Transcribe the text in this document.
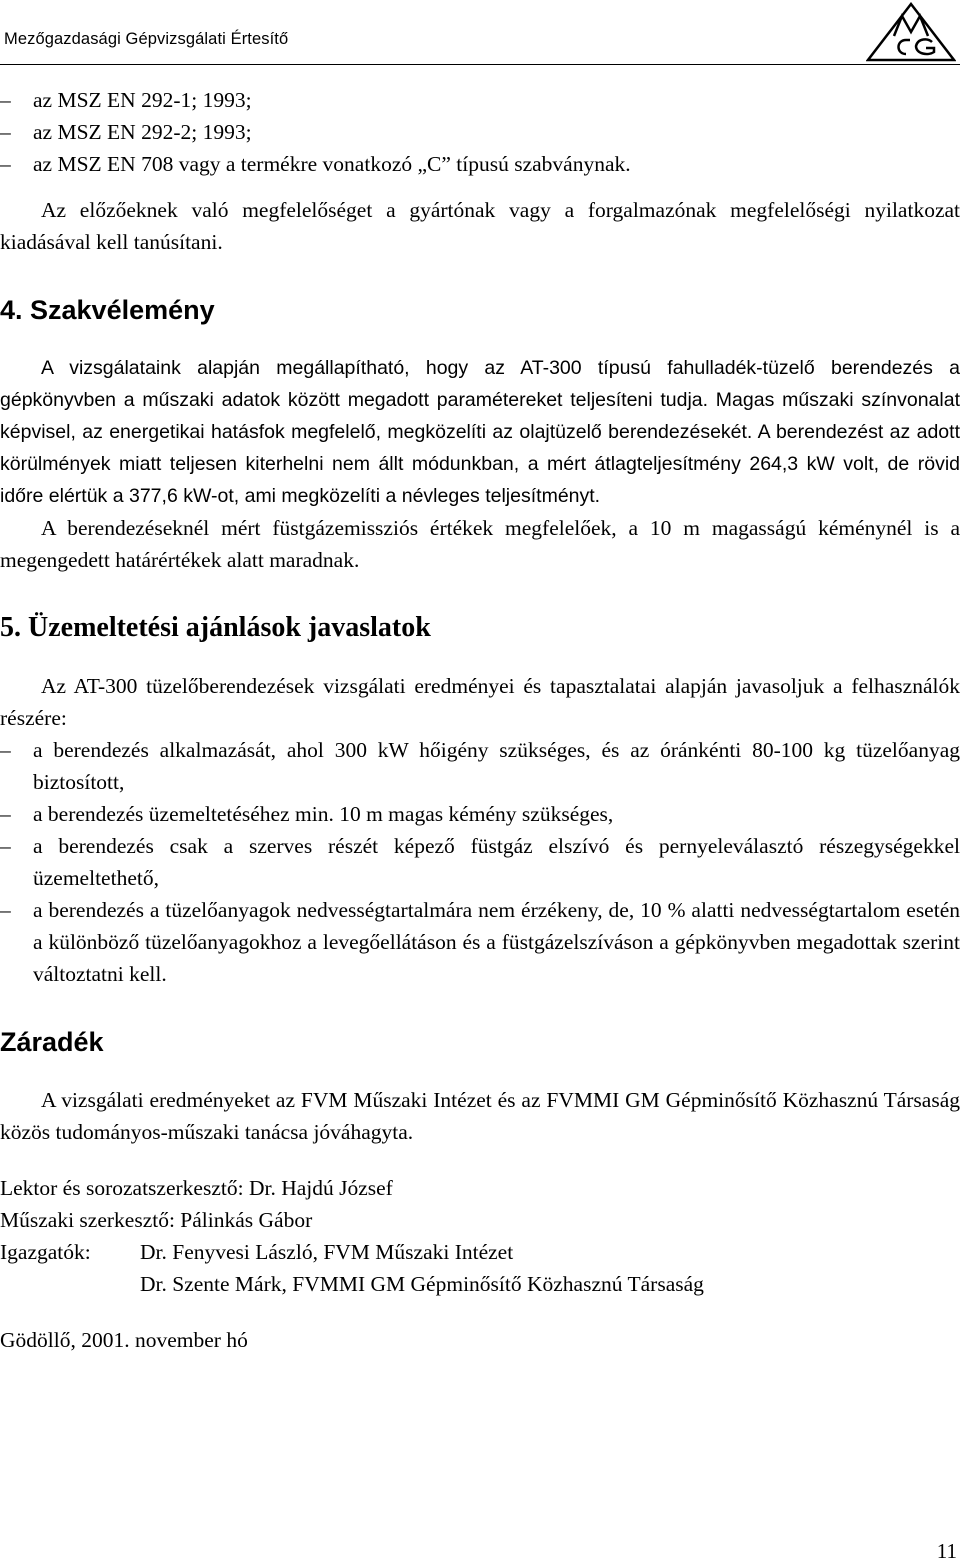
Mezőgazdasági Gépvizsgálati Értesítő
– az MSZ EN 292-1; 1993;
– az MSZ EN 292-2; 1993;
– az MSZ EN 708 vagy a termékre vonatkozó „C” típusú szabványnak.

Az előzőeknek való megfelelőséget a gyártónak vagy a forgalmazónak megfelelőségi nyilatkozat kiadásával kell tanúsítani.

4. Szakvélemény

A vizsgálataink alapján megállapítható, hogy az AT-300 típusú fahulladék-tüzelő berendezés a gépkönyvben a műszaki adatok között megadott paramétereket teljesíteni tudja. Magas műszaki színvonalat képvisel, az energetikai hatásfok megfelelő, megközelíti az olajtüzelő berendezésekét. A berendezést az adott körülmények miatt teljesen kiterhelni nem állt módunkban, a mért átlagteljesítmény 264,3 kW volt, de rövid időre elértük a 377,6 kW-ot, ami megközelíti a névleges teljesítményt.

A berendezéseknél mért füstgázemissziós értékek megfelelőek, a 10 m magasságú kéménynél is a megengedett határértékek alatt maradnak.

5. Üzemeltetési ajánlások javaslatok

Az AT-300 tüzelőberendezések vizsgálati eredményei és tapasztalatai alapján javasoljuk a felhasználók részére:

– a berendezés alkalmazását, ahol 300 kW hőigény szükséges, és az óránkénti 80-100 kg tüzelőanyag biztosított,
– a berendezés üzemeltetéséhez min. 10 m magas kémény szükséges,
– a berendezés csak a szerves részét képező füstgáz elszívó és pernyeleválasztó részegységekkel üzemeltethető,
– a berendezés a tüzelőanyagok nedvességtartalmára nem érzékeny, de, 10 % alatti nedvességtartalom esetén a különböző tüzelőanyagokhoz a levegőellátáson és a füstgázelszíváson a gépkönyvben megadottak szerint változtatni kell.
Záradék

A vizsgálati eredményeket az FVM Műszaki Intézet és az FVMMI GM Gépminősítő Közhasznú Társaság közös tudományos-műszaki tanácsa jóváhagyta.

Lektor és sorozatszerkesztő: Dr. Hajdú József
Műszaki szerkesztő: Pálinkás Gábor
Igazgatók:	Dr. Fenyvesi László, FVM Műszaki Intézet
Dr. Szente Márk, FVMMI GM Gépminősítő Közhasznú Társaság
Gödöllő, 2001. november hó
11
